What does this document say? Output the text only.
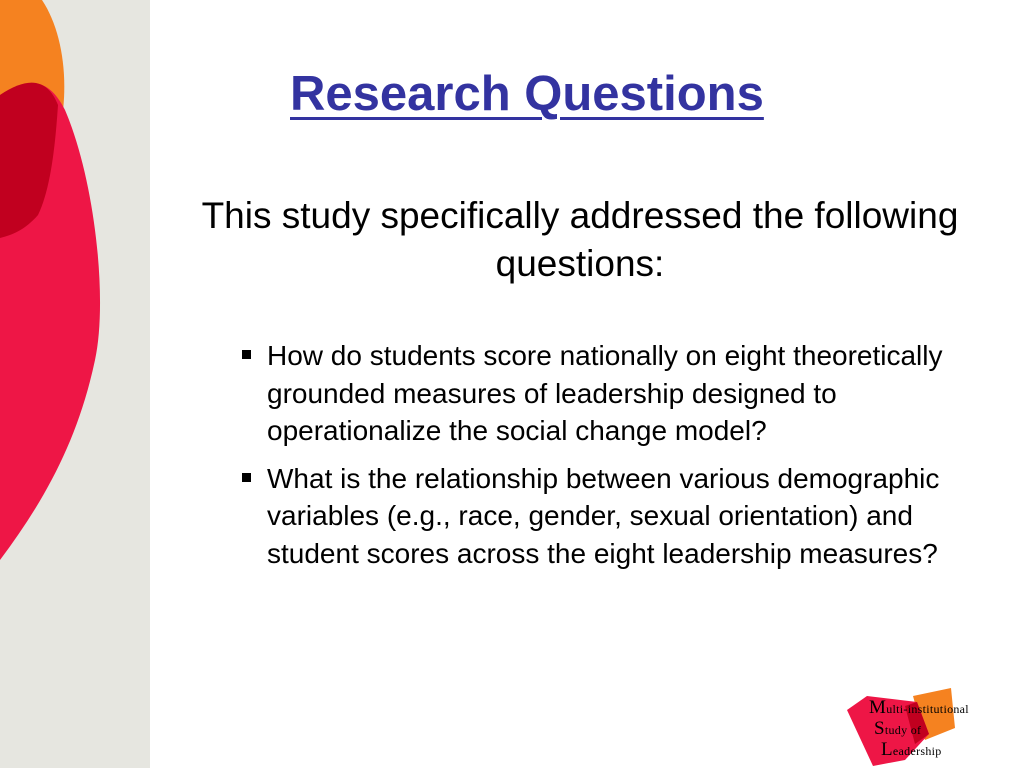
Research Questions
This study specifically addressed the following questions:
How do students score nationally on eight theoretically grounded measures of leadership designed to operationalize the social change model?
What is the relationship between various demographic variables (e.g., race, gender, sexual orientation) and student scores across the eight leadership measures?
Multi-institutional
Study of
Leadership
